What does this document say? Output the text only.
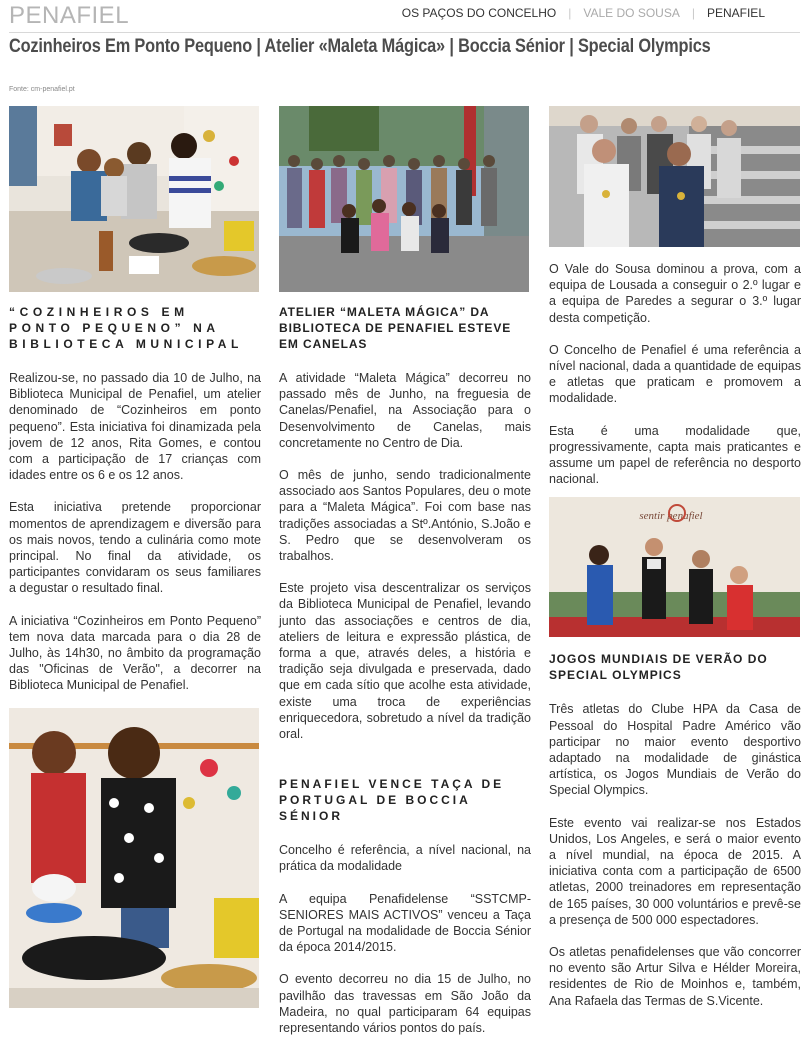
PENAFIEL	OS PAÇOS DO CONCELHO | VALE DO SOUSA | PENAFIEL
Cozinheiros Em Ponto Pequeno | Atelier «Maleta Mágica» | Boccia Sénior | Special Olympics
Fonte: cm-penafiel.pt
“COZINHEIROS EM PONTO PEQUENO” NA BIBLIOTECA MUNICIPAL

Realizou-se, no passado dia 10 de Julho, na Biblioteca Municipal de Penafiel, um atelier denominado de “Cozinheiros em ponto pequeno”. Esta iniciativa foi dinamizada pela jovem de 12 anos, Rita Gomes, e contou com a participação de 17 crianças com idades entre os 6 e os 12 anos.

Esta iniciativa pretende proporcionar momentos de aprendizagem e diversão para os mais novos, tendo a culinária como mote principal. No final da atividade, os participantes convidaram os seus familiares a degustar o resultado final.

A iniciativa “Cozinheiros em Ponto Pequeno” tem nova data marcada para o dia 28 de Julho, às 14h30, no âmbito da programação das "Oficinas de Verão", a decorrer na Biblioteca Municipal de Penafiel.

ATELIER “MALETA MÁGICA” DA BIBLIOTECA DE PENAFIEL ESTEVE EM CANELAS

A atividade “Maleta Mágica” decorreu no passado mês de Junho, na freguesia de Canelas/Penafiel, na Associação para o Desenvolvimento de Canelas, mais concretamente no Centro de Dia.

O mês de junho, sendo tradicionalmente associado aos Santos Populares, deu o mote para a “Maleta Mágica”. Foi com base nas tradições associadas a Stº.António, S.João e S. Pedro que se desenvolveram os trabalhos.

Este projeto visa descentralizar os serviços da Biblioteca Municipal de Penafiel, levando junto das associações e centros de dia, ateliers de leitura e expressão plástica, de forma a que, através deles, a história e tradição seja divulgada e preservada, dado que em cada sítio que acolhe esta atividade, existe uma troca de experiências enriquecedora, sobretudo a nível da tradição oral.

PENAFIEL VENCE TAÇA DE PORTUGAL DE BOCCIA SÉNIOR

Concelho é referência, a nível nacional, na prática da modalidade

A equipa Penafidelense “SSTCMP-SENIORES MAIS ACTIVOS” venceu a Taça de Portugal na modalidade de Boccia Sénior da época 2014/2015.

O evento decorreu no dia 15 de Julho, no pavilhão das travessas em São João da Madeira, no qual participaram 64 equipas representando vários pontos do país.

O Vale do Sousa dominou a prova, com a equipa de Lousada a conseguir o 2.º lugar e a equipa de Paredes a segurar o 3.º lugar desta competição.

O Concelho de Penafiel é uma referência a nível nacional, dada a quantidade de equipas e atletas que praticam e promovem a modalidade.

Esta é uma modalidade que, progressivamente, capta mais praticantes e assume um papel de referência no desporto nacional.

sentir penafiel
JOGOS MUNDIAIS DE VERÃO DO SPECIAL OLYMPICS

Três atletas do Clube HPA da Casa de Pessoal do Hospital Padre Américo vão participar no maior evento desportivo adaptado na modalidade de ginástica artística, os Jogos Mundiais de Verão do Special Olympics.

Este evento vai realizar-se nos Estados Unidos, Los Angeles, e será o maior evento a nível mundial, na época de 2015. A iniciativa conta com a participação de 6500 atletas, 2000 treinadores em representação de 165 países, 30 000 voluntários e prevê-se a presença de 500 000 espectadores.

Os atletas penafidelenses que vão concorrer no evento são Artur Silva e Hélder Moreira, residentes de Rio de Moinhos e, também, Ana Rafaela das Termas de S.Vicente.
